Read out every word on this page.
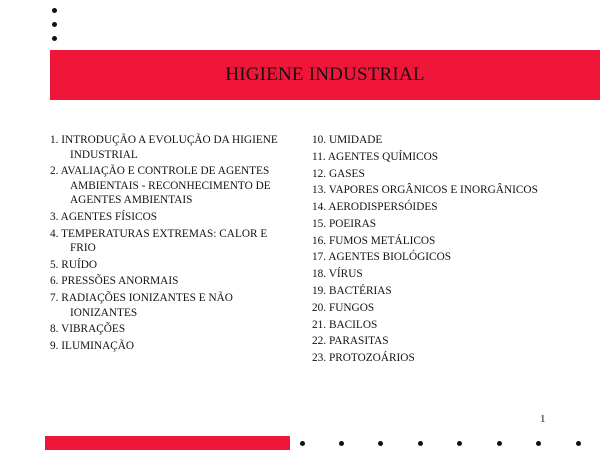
HIGIENE INDUSTRIAL
1. INTRODUÇÃO A EVOLUÇÃO DA HIGIENE INDUSTRIAL
2. AVALIAÇÃO E CONTROLE DE AGENTES AMBIENTAIS - RECONHECIMENTO DE AGENTES AMBIENTAIS
3. AGENTES FÍSICOS
4. TEMPERATURAS EXTREMAS: CALOR E FRIO
5. RUÍDO
6. PRESSÕES ANORMAIS
7. RADIAÇÕES IONIZANTES E NÃO IONIZANTES
8. VIBRAÇÕES
9. ILUMINAÇÃO
10. UMIDADE
11. AGENTES QUÍMICOS
12. GASES
13. VAPORES ORGÂNICOS E INORGÂNICOS
14. AERODISPERSÓIDES
15. POEIRAS
16. FUMOS METÁLICOS
17. AGENTES BIOLÓGICOS
18. VÍRUS
19. BACTÉRIAS
20. FUNGOS
21. BACILOS
22. PARASITAS
23. PROTOZOÁRIOS
1
